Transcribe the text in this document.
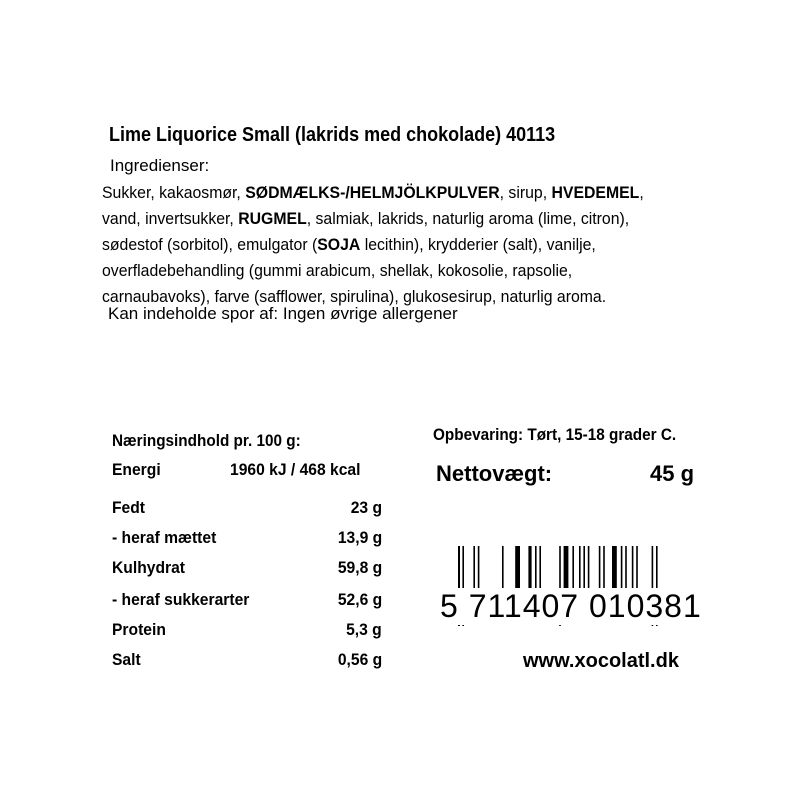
Lime Liquorice Small (lakrids med chokolade) 40113
Ingredienser:
Sukker, kakaosmør, SØDMÆLKS-/HELMJÖLKPULVER, sirup, HVEDEMEL, vand, invertsukker, RUGMEL, salmiak, lakrids, naturlig aroma (lime, citron), sødestof (sorbitol), emulgator (SOJA lecithin), krydderier (salt), vanilje, overfladebehandling (gummi arabicum, shellak, kokosolie, rapsolie, carnaubavoks), farve (safflower, spirulina), glukosesirup, naturlig aroma.
Kan indeholde spor af: Ingen øvrige allergener
Næringsindhold pr. 100 g:
Energi	1960 kJ / 468 kcal
Fedt	23 g
- heraf mættet	13,9 g
Kulhydrat	59,8 g
- heraf sukkerarter	52,6 g
Protein	5,3 g
Salt	0,56 g
Opbevaring: Tørt, 15-18 grader C.
Nettovægt:	45 g
5 711407 010381
www.xocolatl.dk
